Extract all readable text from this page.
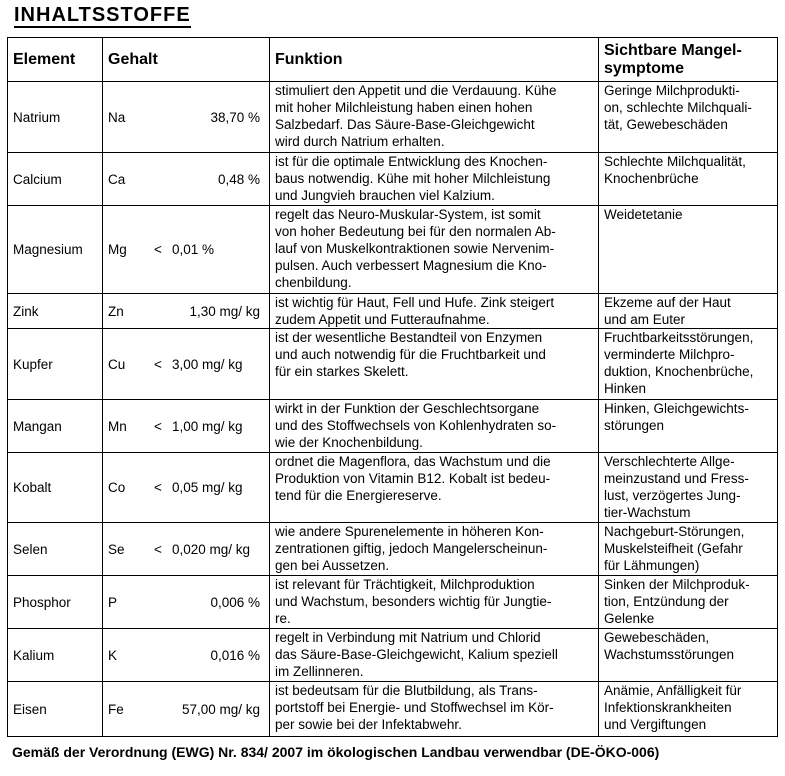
INHALTSSTOFFE
Element	Gehalt	Funktion	Sichtbare Mangel-
symptome
Natrium	Na 38,70 %	stimuliert den Appetit und die Verdauung. Kühe
mit hoher Milchleistung haben einen hohen
Salzbedarf. Das Säure-Base-Gleichgewicht
wird durch Natrium erhalten.	Geringe Milchprodukti-
on, schlechte Milchquali-
tät, Gewebeschäden
Calcium	Ca 0,48 %	ist für die optimale Entwicklung des Knochen-
baus notwendig. Kühe mit hoher Milchleistung
und Jungvieh brauchen viel Kalzium.	Schlechte Milchqualität,
Knochenbrüche
Magnesium	Mg < 0,01 %	regelt das Neuro-Muskular-System, ist somit
von hoher Bedeutung bei für den normalen Ab-
lauf von Muskelkontraktionen sowie Nervenim-
pulsen. Auch verbessert Magnesium die Kno-
chenbildung.	Weidetetanie
Zink	Zn 1,30 mg/ kg	ist wichtig für Haut, Fell und Hufe. Zink steigert
zudem Appetit und Futteraufnahme.	Ekzeme auf der Haut
und am Euter
Kupfer	Cu < 3,00 mg/ kg	ist der wesentliche Bestandteil von Enzymen
und auch notwendig für die Fruchtbarkeit und
für ein starkes Skelett.	Fruchtbarkeitsstörungen,
verminderte Milchpro-
duktion, Knochenbrüche,
Hinken
Mangan	Mn < 1,00 mg/ kg	wirkt in der Funktion der Geschlechtsorgane
und des Stoffwechsels von Kohlenhydraten so-
wie der Knochenbildung.	Hinken, Gleichgewichts-
störungen
Kobalt	Co < 0,05 mg/ kg	ordnet die Magenflora, das Wachstum und die
Produktion von Vitamin B12. Kobalt ist bedeu-
tend für die Energiereserve.	Verschlechterte Allge-
meinzustand und Fress-
lust, verzögertes Jung-
tier-Wachstum
Selen	Se < 0,020 mg/ kg	wie andere Spurenelemente in höheren Kon-
zentrationen giftig, jedoch Mangelerscheinun-
gen bei Aussetzen.	Nachgeburt-Störungen,
Muskelsteifheit (Gefahr
für Lähmungen)
Phosphor	P 0,006 %	ist relevant für Trächtigkeit, Milchproduktion
und Wachstum, besonders wichtig für Jungtie-
re.	Sinken der Milchproduk-
tion, Entzündung der
Gelenke
Kalium	K 0,016 %	regelt in Verbindung mit Natrium und Chlorid
das Säure-Base-Gleichgewicht, Kalium speziell
im Zellinneren.	Gewebeschäden,
Wachstumsstörungen
Eisen	Fe 57,00 mg/ kg	ist bedeutsam für die Blutbildung, als Trans-
portstoff bei Energie- und Stoffwechsel im Kör-
per sowie bei der Infektabwehr.	Anämie, Anfälligkeit für
Infektionskrankheiten
und Vergiftungen
Gemäß der Verordnung (EWG) Nr. 834/ 2007 im ökologischen Landbau verwendbar (DE-ÖKO-006)
